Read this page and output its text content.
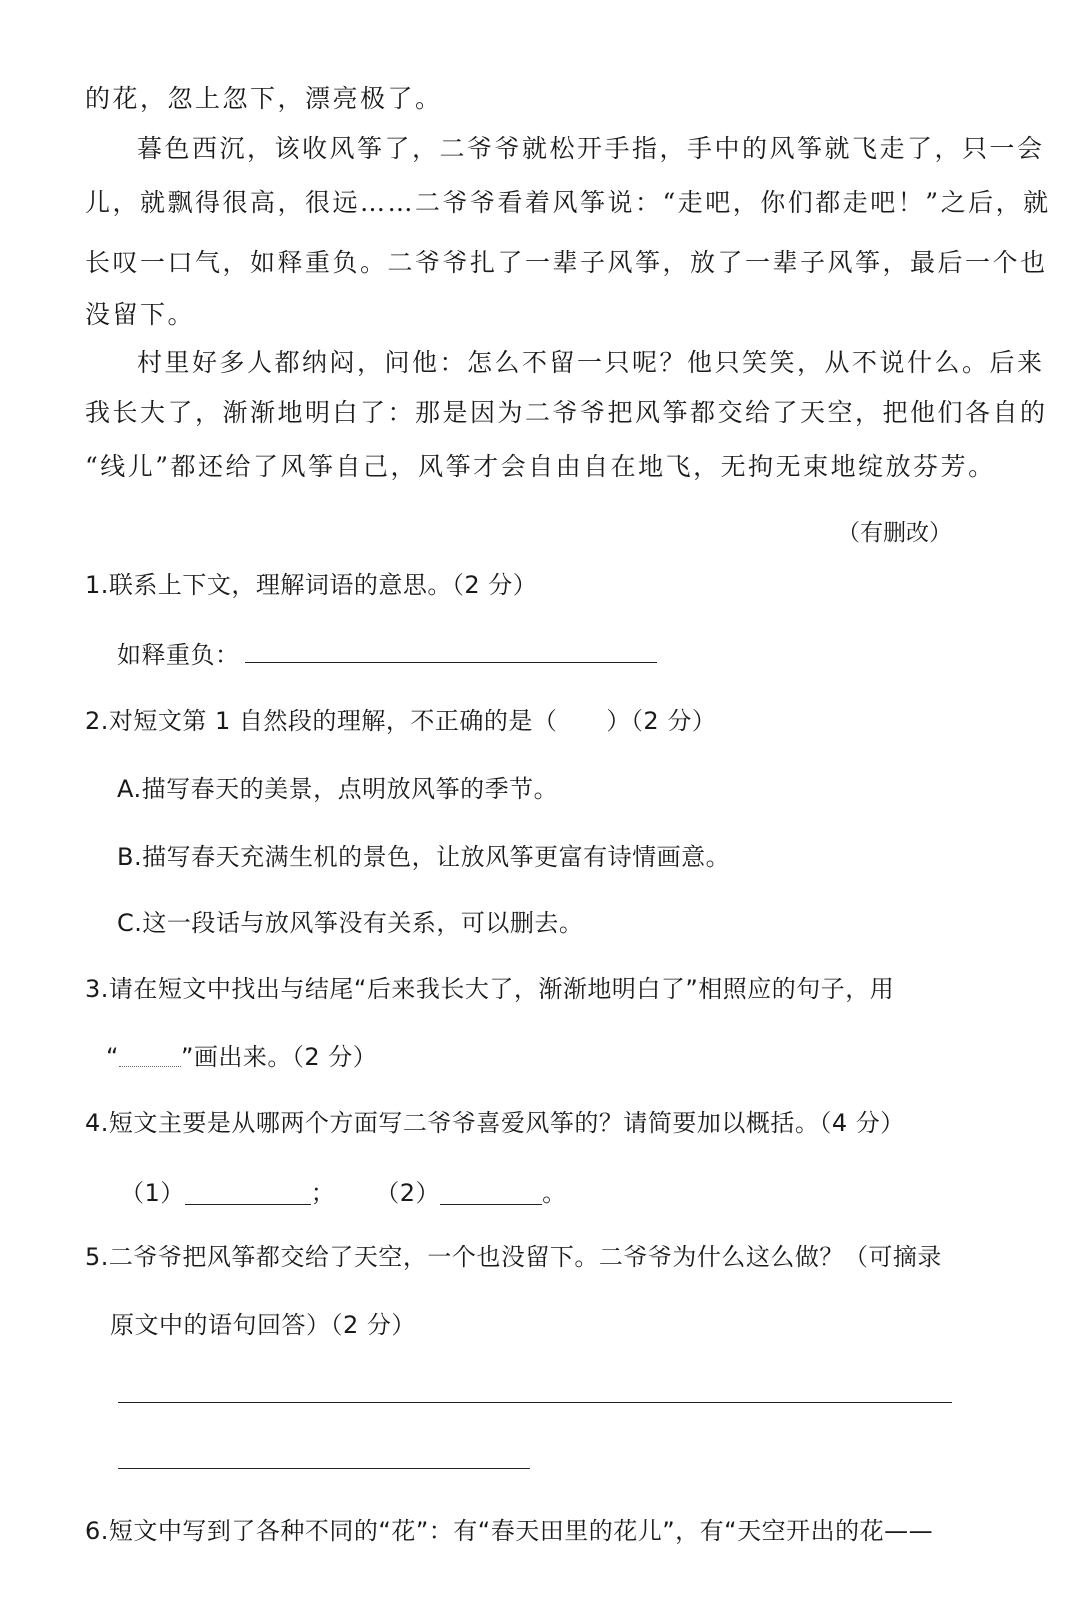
的花，忽上忽下，漂亮极了。
暮色西沉，该收风筝了，二爷爷就松开手指，手中的风筝就飞走了，只一会
儿，就飘得很高，很远……二爷爷看着风筝说：“走吧，你们都走吧！”之后，就
长叹一口气，如释重负。二爷爷扎了一辈子风筝，放了一辈子风筝，最后一个也
没留下。
村里好多人都纳闷，问他：怎么不留一只呢？他只笑笑，从不说什么。后来
我长大了，渐渐地明白了：那是因为二爷爷把风筝都交给了天空，把他们各自的
“线儿”都还给了风筝自己，风筝才会自由自在地飞，无拘无束地绽放芬芳。
（有删改）
1.联系上下文，理解词语的意思。（2 分）
如释重负：
2.对短文第 1 自然段的理解，不正确的是（　　）（2 分）
A.描写春天的美景，点明放风筝的季节。
B.描写春天充满生机的景色，让放风筝更富有诗情画意。
C.这一段话与放风筝没有关系，可以删去。
3.请在短文中找出与结尾“后来我长大了，渐渐地明白了”相照应的句子，用
“	”画出来。（2 分）
4.短文主要是从哪两个方面写二爷爷喜爱风筝的？请简要加以概括。（4 分）
（1）	； （2）	。
5.二爷爷把风筝都交给了天空，一个也没留下。二爷爷为什么这么做？（可摘录
原文中的语句回答）（2 分）
6.短文中写到了各种不同的“花”：有“春天田里的花儿”，有“天空开出的花——
